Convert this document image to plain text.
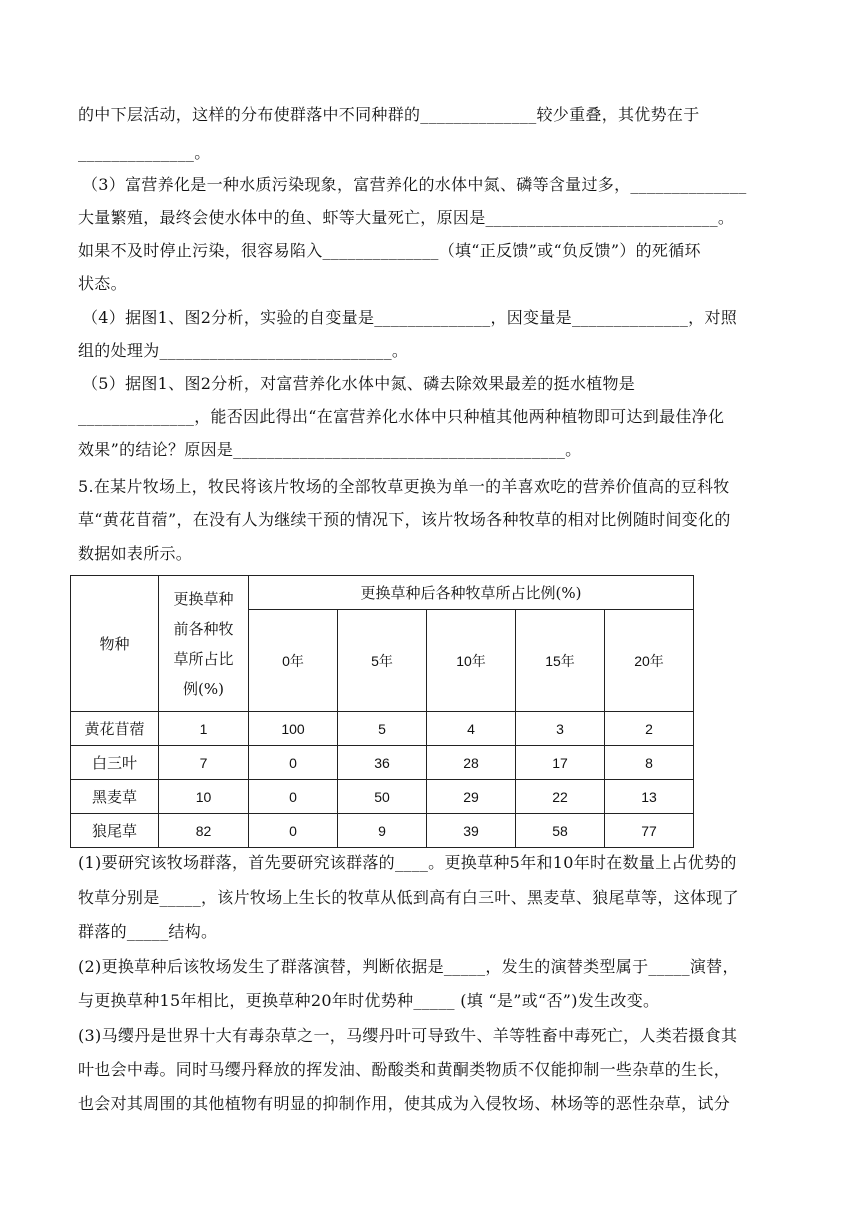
的中下层活动，这样的分布使群落中不同种群的______________较少重叠，其优势在于
______________。
（3）富营养化是一种水质污染现象，富营养化的水体中氮、磷等含量过多，______________
大量繁殖，最终会使水体中的鱼、虾等大量死亡，原因是____________________________。
如果不及时停止污染，很容易陷入______________（填“正反馈”或“负反馈”）的死循环
状态。
（4）据图1、图2分析，实验的自变量是______________，因变量是______________，对照
组的处理为____________________________。
（5）据图1、图2分析，对富营养化水体中氮、磷去除效果最差的挺水植物是
______________，能否因此得出“在富营养化水体中只种植其他两种植物即可达到最佳净化
效果”的结论？原因是________________________________________。
5.在某片牧场上，牧民将该片牧场的全部牧草更换为单一的羊喜欢吃的营养价值高的豆科牧
草“黄花苜蓿”，在没有人为继续干预的情况下，该片牧场各种牧草的相对比例随时间变化的
数据如表所示。
物种	更换草种
前各种牧
草所占比
例(%)	更换草种后各种牧草所占比例(%)				
		0年	5年	10年	15年	20年
黄花苜蓿	1	100	5	4	3	2
白三叶	7	0	36	28	17	8
黑麦草	10	0	50	29	22	13
狼尾草	82	0	9	39	58	77
(1)要研究该牧场群落，首先要研究该群落的____。更换草种5年和10年时在数量上占优势的
牧草分别是_____，该片牧场上生长的牧草从低到高有白三叶、黑麦草、狼尾草等，这体现了
群落的_____结构。
(2)更换草种后该牧场发生了群落演替，判断依据是_____，发生的演替类型属于_____演替，
与更换草种15年相比，更换草种20年时优势种_____ (填 “是”或“否”)发生改变。
(3)马缨丹是世界十大有毒杂草之一，马缨丹叶可导致牛、羊等牲畜中毒死亡，人类若摄食其
叶也会中毒。同时马缨丹释放的挥发油、酚酸类和黄酮类物质不仅能抑制一些杂草的生长，
也会对其周围的其他植物有明显的抑制作用，使其成为入侵牧场、林场等的恶性杂草，试分
